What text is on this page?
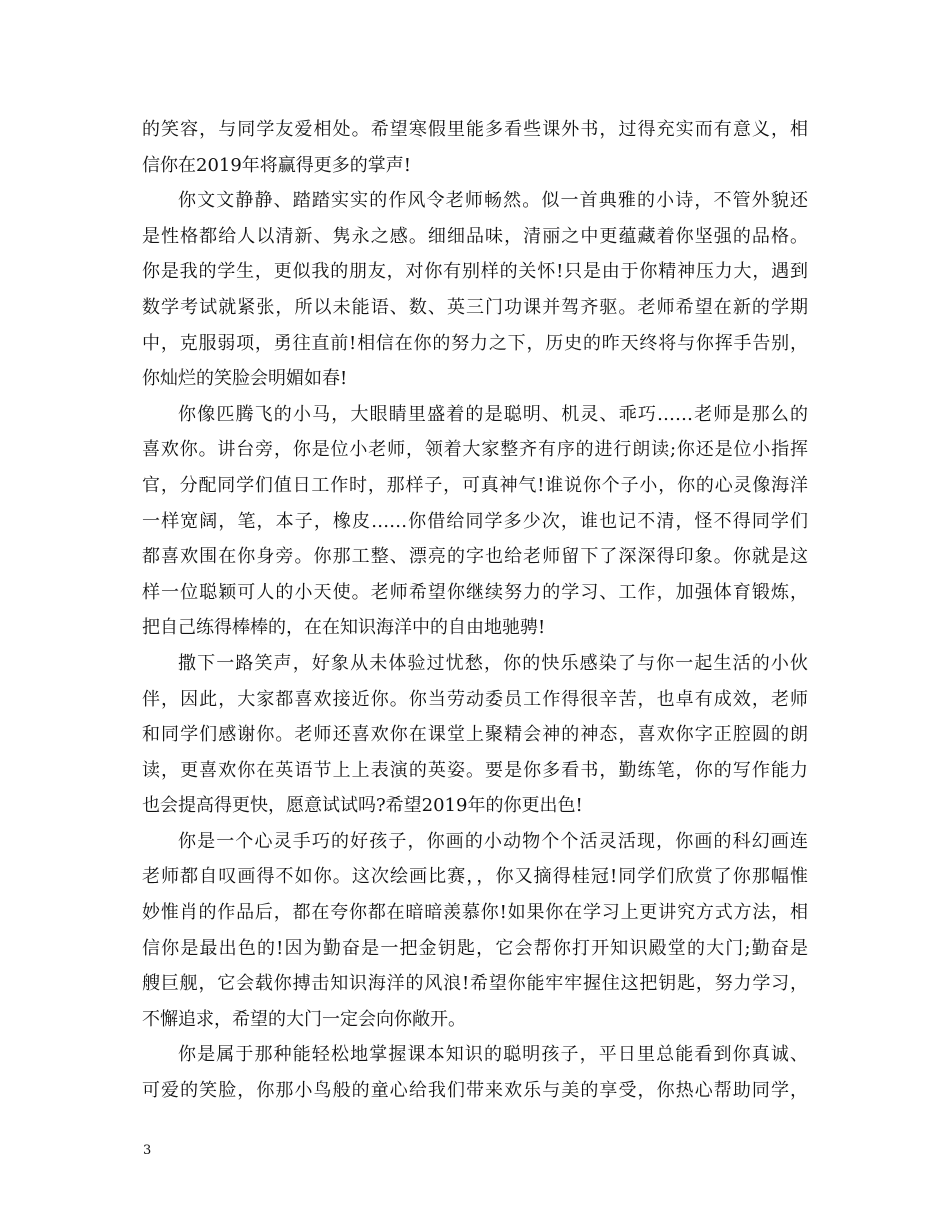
的笑容，与同学友爱相处。希望寒假里能多看些课外书，过得充实而有意义，相
信你在2019年将赢得更多的掌声!
你文文静静、踏踏实实的作风令老师畅然。似一首典雅的小诗，不管外貌还
是性格都给人以清新、隽永之感。细细品味，清丽之中更蕴藏着你坚强的品格。
你是我的学生，更似我的朋友，对你有别样的关怀!只是由于你精神压力大，遇到
数学考试就紧张，所以未能语、数、英三门功课并驾齐驱。老师希望在新的学期
中，克服弱项，勇往直前!相信在你的努力之下，历史的昨天终将与你挥手告别，
你灿烂的笑脸会明媚如春!
你像匹腾飞的小马，大眼睛里盛着的是聪明、机灵、乖巧……老师是那么的
喜欢你。讲台旁，你是位小老师，领着大家整齐有序的进行朗读;你还是位小指挥
官，分配同学们值日工作时，那样子，可真神气!谁说你个子小，你的心灵像海洋
一样宽阔，笔，本子，橡皮……你借给同学多少次，谁也记不清，怪不得同学们
都喜欢围在你身旁。你那工整、漂亮的字也给老师留下了深深得印象。你就是这
样一位聪颖可人的小天使。老师希望你继续努力的学习、工作，加强体育锻炼，
把自己练得棒棒的，在在知识海洋中的自由地驰骋!
撒下一路笑声，好象从未体验过忧愁，你的快乐感染了与你一起生活的小伙
伴，因此，大家都喜欢接近你。你当劳动委员工作得很辛苦，也卓有成效，老师
和同学们感谢你。老师还喜欢你在课堂上聚精会神的神态，喜欢你字正腔圆的朗
读，更喜欢你在英语节上上表演的英姿。要是你多看书，勤练笔，你的写作能力
也会提高得更快，愿意试试吗?希望2019年的你更出色!
你是一个心灵手巧的好孩子，你画的小动物个个活灵活现，你画的科幻画连
老师都自叹画得不如你。这次绘画比赛，，你又摘得桂冠!同学们欣赏了你那幅惟
妙惟肖的作品后，都在夸你都在暗暗羡慕你!如果你在学习上更讲究方式方法，相
信你是最出色的!因为勤奋是一把金钥匙，它会帮你打开知识殿堂的大门;勤奋是
艘巨舰，它会载你搏击知识海洋的风浪!希望你能牢牢握住这把钥匙，努力学习，
不懈追求，希望的大门一定会向你敞开。
你是属于那种能轻松地掌握课本知识的聪明孩子，平日里总能看到你真诚、
可爱的笑脸，你那小鸟般的童心给我们带来欢乐与美的享受，你热心帮助同学，
3
